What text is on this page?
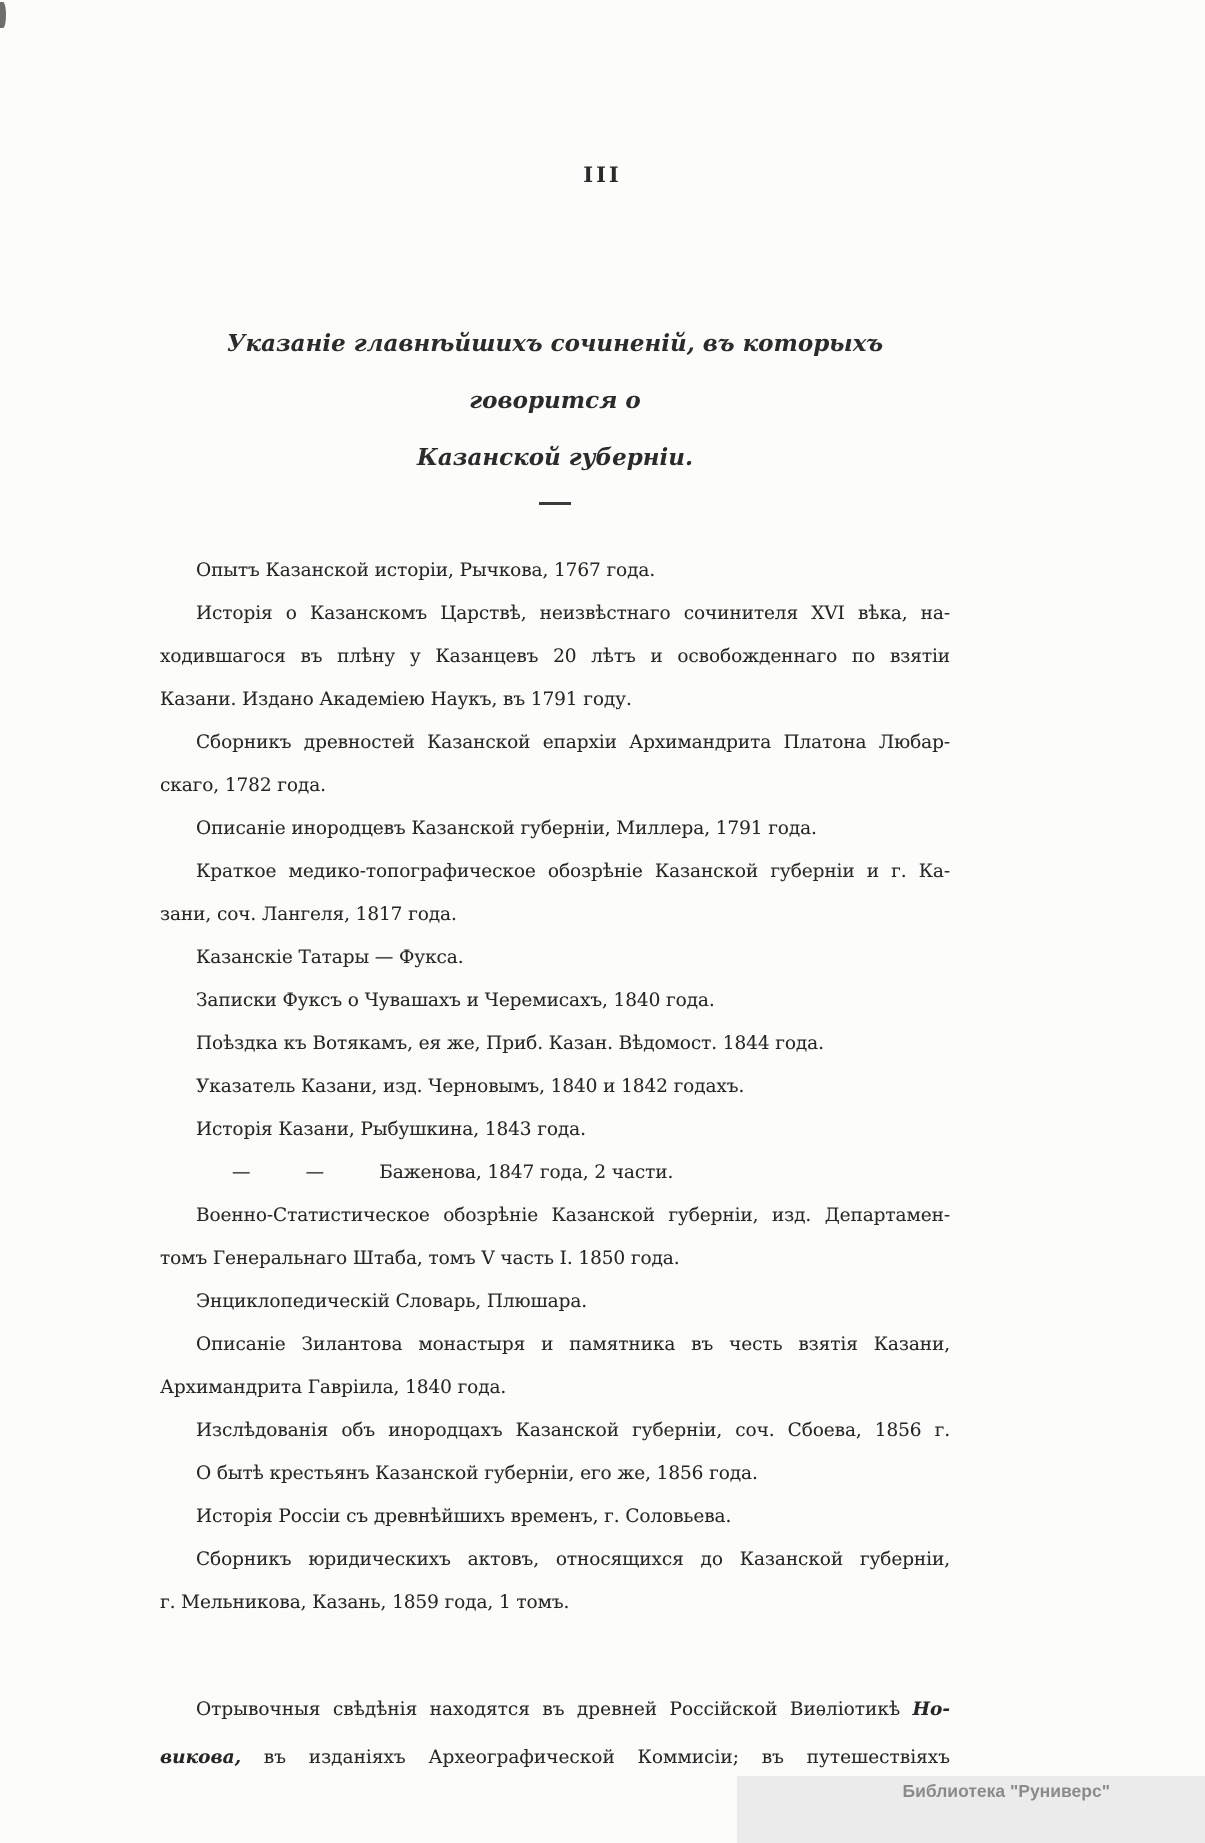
III
Указаніе главнѣйшихъ сочиненій, въ которыхъ говорится о
Казанской губерніи.
Опытъ Казанской исторіи, Рычкова, 1767 года.
Исторія о Казанскомъ Царствѣ, неизвѣстнаго сочинителя XVI вѣка, на-
ходившагося въ плѣну у Казанцевъ 20 лѣтъ и освобожденнаго по взятіи
Казани. Издано Академіею Наукъ, въ 1791 году.
Сборникъ древностей Казанской епархіи Архимандрита Платона Любар-
скаго, 1782 года.
Описаніе инородцевъ Казанской губерніи, Миллера, 1791 года.
Краткое медико-топографическое обозрѣніе Казанской губерніи и г. Ка-
зани, соч. Лангеля, 1817 года.
Казанскіе Татары — Фукса.
Записки Фуксъ о Чувашахъ и Черемисахъ, 1840 года.
Поѣздка къ Вотякамъ, ея же, Приб. Казан. Вѣдомост. 1844 года.
Указатель Казани, изд. Черновымъ, 1840 и 1842 годахъ.
Исторія Казани, Рыбушкина, 1843 года.
—   —   Баженова, 1847 года, 2 части.
Военно-Статистическое обозрѣніе Казанской губерніи, изд. Департамен-
томъ Генеральнаго Штаба, томъ V часть I. 1850 года.
Энциклопедическій Словарь, Плюшара.
Описаніе Зилантова монастыря и памятника въ честь взятія Казани,
Архимандрита Гавріила, 1840 года.
Изслѣдованія объ инородцахъ Казанской губерніи, соч. Сбоева, 1856 г.
О бытѣ крестьянъ Казанской губерніи, его же, 1856 года.
Исторія Россіи съ древнѣйшихъ временъ, г. Соловьева.
Сборникъ юридическихъ актовъ, относящихся до Казанской губерніи,
г. Мельникова, Казань, 1859 года, 1 томъ.
Отрывочныя свѣдѣнія находятся въ древней Россійской Виѳліотикѣ Но-
викова, въ изданіяхъ Археографической Коммисіи; въ путешествіяхъ
Библиотека "Руниверс"
